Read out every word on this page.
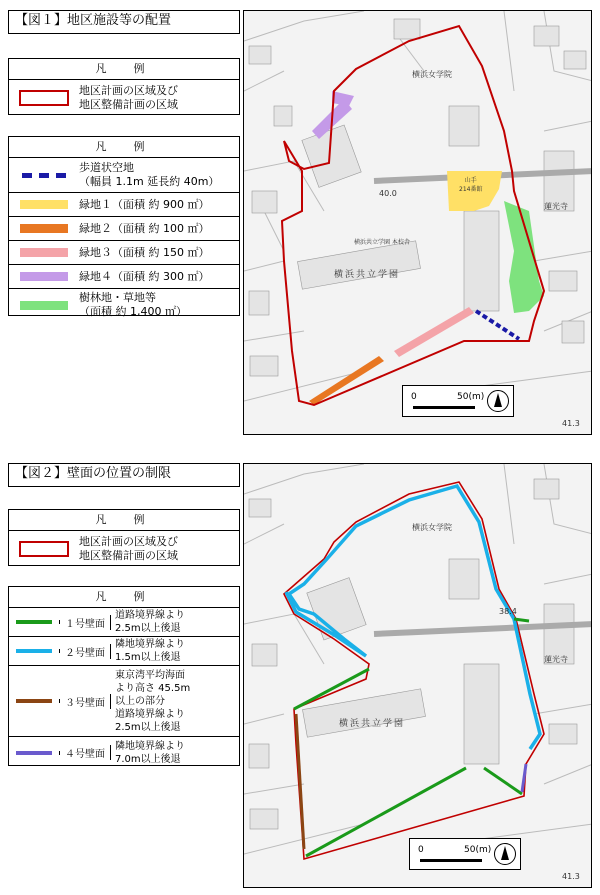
【図１】地区施設等の配置
凡　例
地区計画の区域及び
地区整備計画の区域
凡　例
歩道状空地
（幅員 1.1m 延長約 40m）
緑地１（面積 約 900 ㎡）
緑地２（面積 約 100 ㎡）
緑地３（面積 約 150 ㎡）
緑地４（面積 約 300 ㎡）
樹林地・草地等
（面積 約 1,400 ㎡）
横浜女学院
横浜共立学園
蓮光寺
横浜共立学園 本校舎
山手
214番館
40.0
41.3
0	50(m)
【図２】壁面の位置の制限
凡　例
地区計画の区域及び
地区整備計画の区域
凡　例
１号壁面
道路境界線より
2.5m以上後退
２号壁面
隣地境界線より
1.5m以上後退
３号壁面
東京湾平均海面
より高さ 45.5m
以上の部分
道路境界線より
2.5m以上後退
４号壁面
隣地境界線より
7.0m以上後退
横浜女学院
横浜共立学園
蓮光寺
38.4
41.3
0	50(m)
